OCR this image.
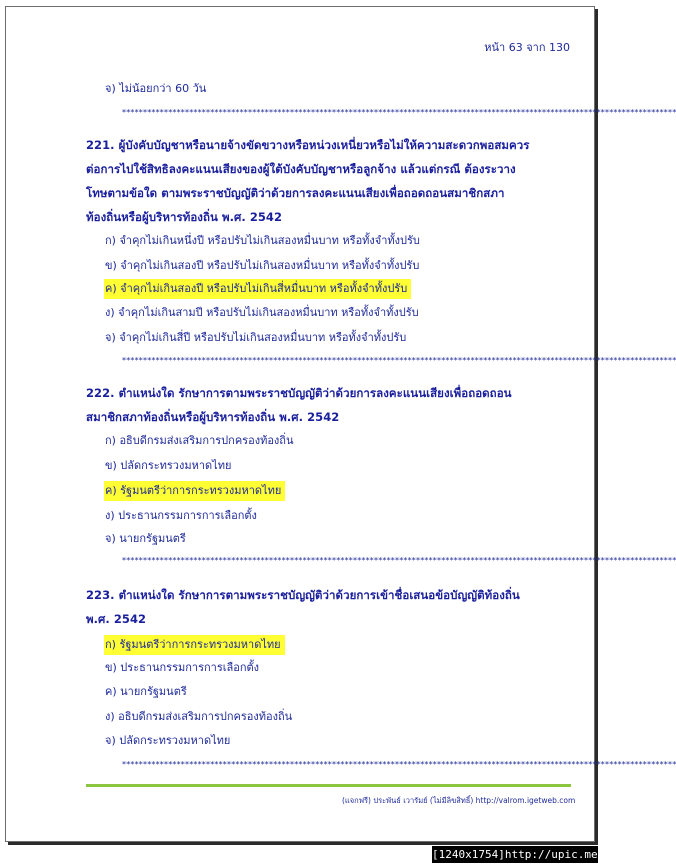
หน้า 63 จาก 130
จ) ไม่น้อยกว่า 60 วัน
************************************************************************************************************************************
221. ผู้บังคับบัญชาหรือนายจ้างขัดขวางหรือหน่วงเหนี่ยวหรือไม่ให้ความสะดวกพอสมควร
ต่อการไปใช้สิทธิลงคะแนนเสียงของผู้ใต้บังคับบัญชาหรือลูกจ้าง แล้วแต่กรณี ต้องระวาง
โทษตามข้อใด ตามพระราชบัญญัติว่าด้วยการลงคะแนนเสียงเพื่อถอดถอนสมาชิกสภา
ท้องถิ่นหรือผู้บริหารท้องถิ่น พ.ศ. 2542
ก) จำคุกไม่เกินหนึ่งปี หรือปรับไม่เกินสองหมื่นบาท หรือทั้งจำทั้งปรับ
ข) จำคุกไม่เกินสองปี หรือปรับไม่เกินสองหมื่นบาท หรือทั้งจำทั้งปรับ
ค) จำคุกไม่เกินสองปี หรือปรับไม่เกินสี่หมื่นบาท หรือทั้งจำทั้งปรับ
ง) จำคุกไม่เกินสามปี หรือปรับไม่เกินสองหมื่นบาท หรือทั้งจำทั้งปรับ
จ) จำคุกไม่เกินสี่ปี หรือปรับไม่เกินสองหมื่นบาท หรือทั้งจำทั้งปรับ
************************************************************************************************************************************
222. ตำแหน่งใด รักษาการตามพระราชบัญญัติว่าด้วยการลงคะแนนเสียงเพื่อถอดถอน
สมาชิกสภาท้องถิ่นหรือผู้บริหารท้องถิ่น พ.ศ. 2542
ก) อธิบดีกรมส่งเสริมการปกครองท้องถิ่น
ข) ปลัดกระทรวงมหาดไทย
ค) รัฐมนตรีว่าการกระทรวงมหาดไทย
ง) ประธานกรรมการการเลือกตั้ง
จ) นายกรัฐมนตรี
************************************************************************************************************************************
223. ตำแหน่งใด รักษาการตามพระราชบัญญัติว่าด้วยการเข้าชื่อเสนอข้อบัญญัติท้องถิ่น
พ.ศ. 2542
ก) รัฐมนตรีว่าการกระทรวงมหาดไทย
ข) ประธานกรรมการการเลือกตั้ง
ค) นายกรัฐมนตรี
ง) อธิบดีกรมส่งเสริมการปกครองท้องถิ่น
จ) ปลัดกระทรวงมหาดไทย
************************************************************************************************************************************
(แจกฟรี) ประพันธ์ เวารัมย์ (ไม่มีลิขสิทธิ์) http://valrom.igetweb.com
[1240x1754]http://upic.me/
